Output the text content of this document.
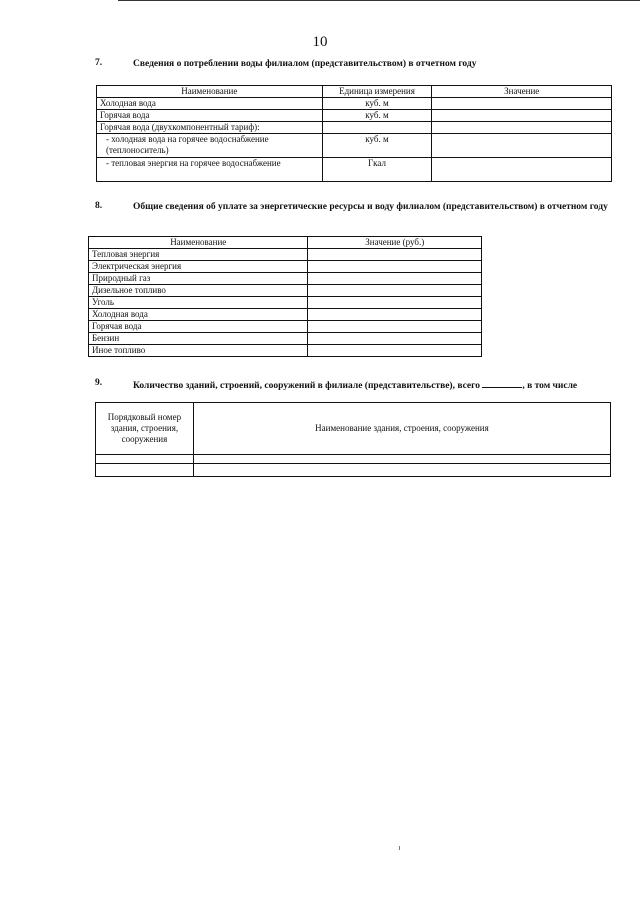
10
7.	Сведения о потреблении воды филиалом (представительством) в отчетном году
Наименование	Единица измерения	Значение
Холодная вода	куб. м	
Горячая вода	куб. м	
Горячая вода (двухкомпонентный тариф):		
- холодная вода на горячее водоснабжение (теплоноситель)	куб. м	
- тепловая энергия на горячее водоснабжение	Гкал	
8.	Общие сведения об уплате за энергетические ресурсы и воду филиалом (представительством) в отчетном году
Наименование	Значение (руб.)
Тепловая энергия	
Электрическая энергия	
Природный газ	
Дизельное топливо	
Уголь	
Холодная вода	
Горячая вода	
Бензин	
Иное топливо	
9.	Количество зданий, строений, сооружений в филиале (представительстве), всего	, в том числе
Порядковый номер здания, строения, сооружения	Наименование здания, строения, сооружения
